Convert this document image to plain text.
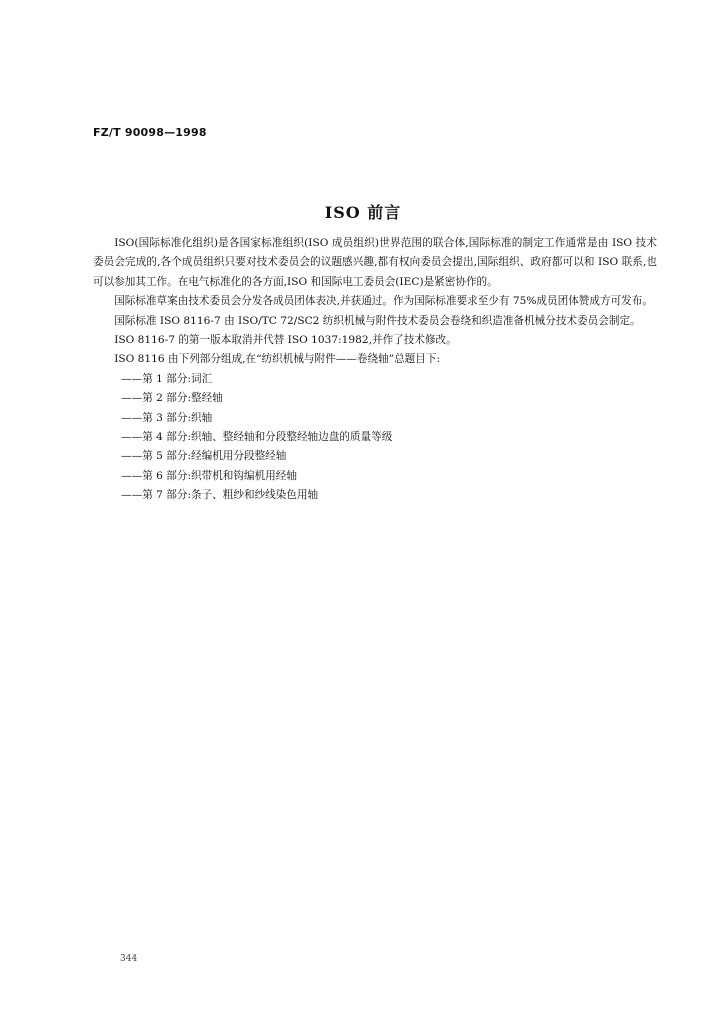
FZ/T 90098—1998
ISO 前言

ISO(国际标准化组织)是各国家标准组织(ISO 成员组织)世界范围的联合体,国际标准的制定工作通常是由 ISO 技术委员会完成的,各个成员组织只要对技术委员会的议题感兴趣,都有权向委员会提出,国际组织、政府都可以和 ISO 联系,也可以参加其工作。在电气标准化的各方面,ISO 和国际电工委员会(IEC)是紧密协作的。

国际标准草案由技术委员会分发各成员团体表决,并获通过。作为国际标准要求至少有 75%成员团体赞成方可发布。

国际标准 ISO 8116-7 由 ISO/TC 72/SC2 纺织机械与附件技术委员会卷绕和织造准备机械分技术委员会制定。

ISO 8116-7 的第一版本取消并代替 ISO 1037:1982,并作了技术修改。

ISO 8116 由下列部分组成,在“纺织机械与附件——卷绕轴”总题目下:

——第 1 部分:词汇
——第 2 部分:整经轴
——第 3 部分:织轴
——第 4 部分:织轴、整经轴和分段整经轴边盘的质量等级
——第 5 部分:经编机用分段整经轴
——第 6 部分:织带机和钩编机用经轴
——第 7 部分:条子、粗纱和纱线染色用轴
344
